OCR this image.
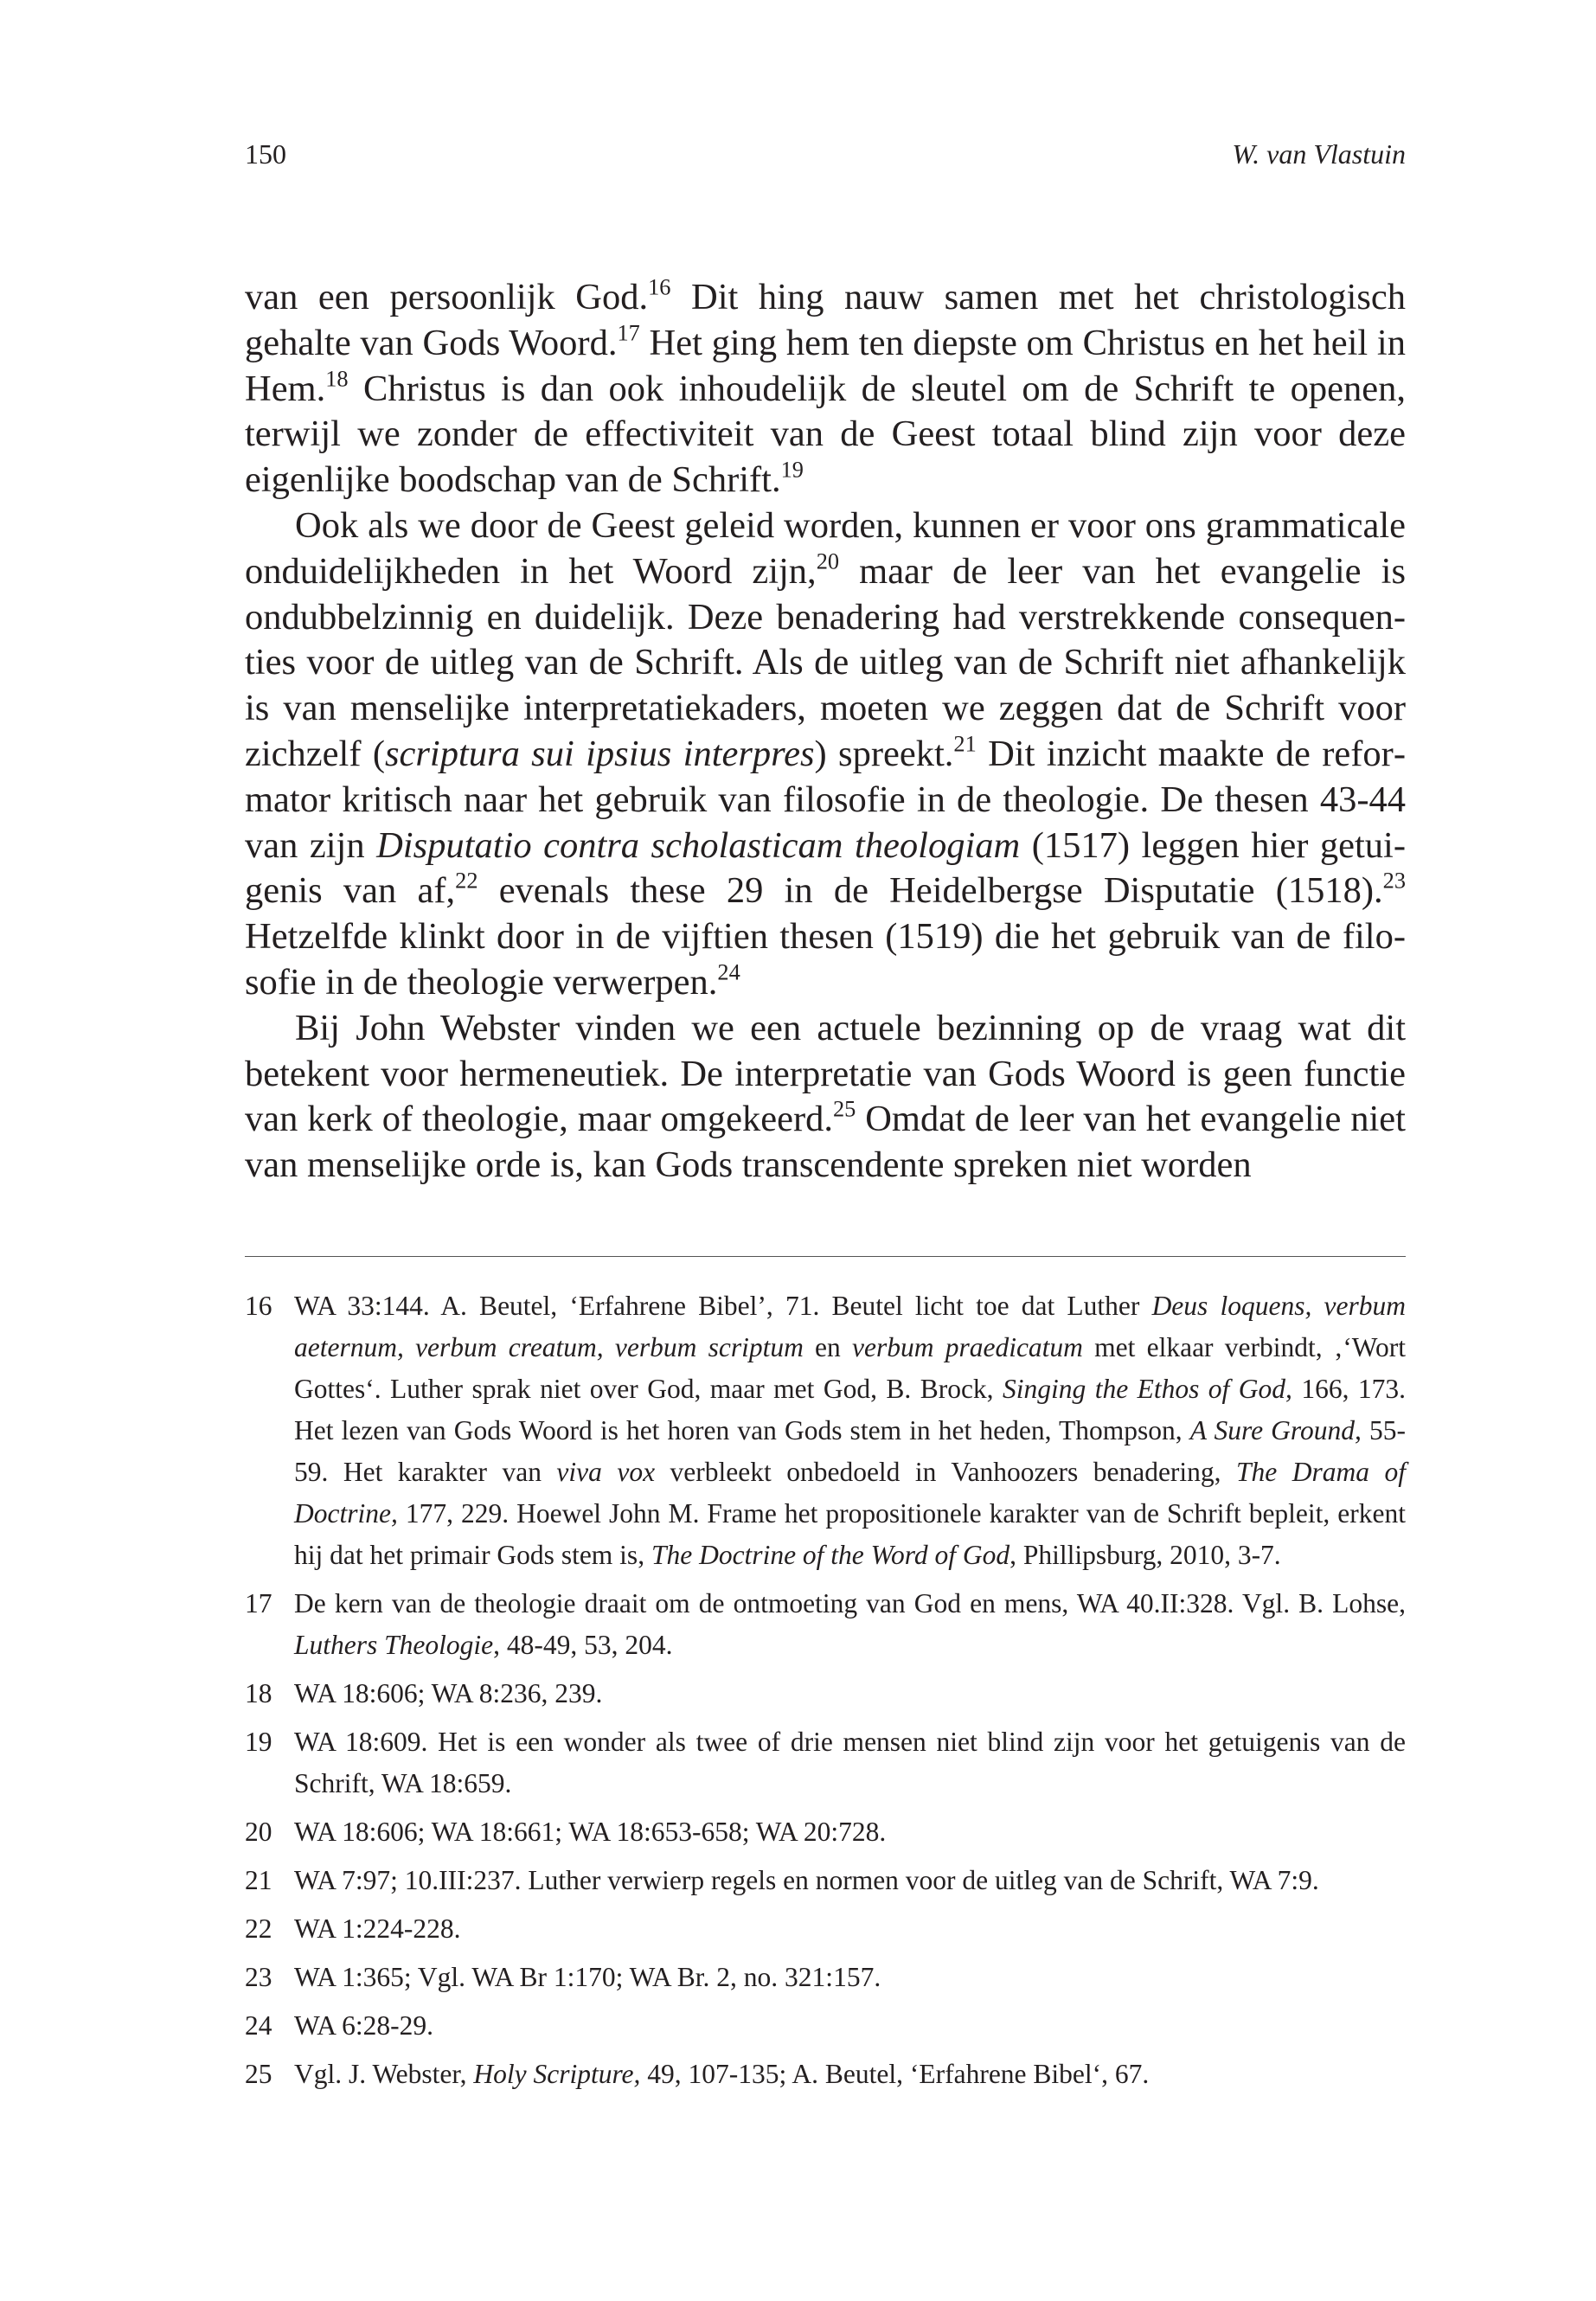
150	W. van Vlastuin

van een persoonlijk God.$^{16}$ Dit hing nauw samen met het christologisch gehalte van Gods Woord.$^{17}$ Het ging hem ten diepste om Christus en het heil in Hem.$^{18}$ Christus is dan ook inhoudelijk de sleutel om de Schrift te openen, terwijl we zonder de effectiviteit van de Geest totaal blind zijn voor deze eigenlijke boodschap van de Schrift.$^{19}$

Ook als we door de Geest geleid worden, kunnen er voor ons grammaticale onduidelijkheden in het Woord zijn,$^{20}$ maar de leer van het evangelie is ondubbelzinnig en duidelijk. Deze benadering had verstrekkende consequenties voor de uitleg van de Schrift. Als de uitleg van de Schrift niet afhankelijk is van menselijke interpretatiekaders, moeten we zeggen dat de Schrift voor zichzelf (scriptura sui ipsius interpres) spreekt.$^{21}$ Dit inzicht maakte de reformator kritisch naar het gebruik van filosofie in de theologie. De thesen 43-44 van zijn Disputatio contra scholasticam theologiam (1517) leggen hier getuigenis van af,$^{22}$ evenals these 29 in de Heidelbergse Disputatie (1518).$^{23}$ Hetzelfde klinkt door in de vijftien thesen (1519) die het gebruik van de filosofie in de theologie verwerpen.$^{24}$

Bij John Webster vinden we een actuele bezinning op de vraag wat dit betekent voor hermeneutiek. De interpretatie van Gods Woord is geen functie van kerk of theologie, maar omgekeerd.$^{25}$ Omdat de leer van het evangelie niet van menselijke orde is, kan Gods transcendente spreken niet worden

16 WA 33:144. A. Beutel, ‘Erfahrene Bibel’, 71. Beutel licht toe dat Luther Deus loquens, verbum aeternum, verbum creatum, verbum scriptum en verbum praedicatum met elkaar verbindt, ‚‘Wort Gottes‘. Luther sprak niet over God, maar met God, B. Brock, Singing the Ethos of God, 166, 173. Het lezen van Gods Woord is het horen van Gods stem in het heden, Thompson, A Sure Ground, 55-59. Het karakter van viva vox verbleekt onbedoeld in Vanhoozers benadering, The Drama of Doctrine, 177, 229. Hoewel John M. Frame het propositionele karakter van de Schrift bepleit, erkent hij dat het primair Gods stem is, The Doctrine of the Word of God, Phillipsburg, 2010, 3-7.
17 De kern van de theologie draait om de ontmoeting van God en mens, WA 40.II:328. Vgl. B. Lohse, Luthers Theologie, 48-49, 53, 204.
18 WA 18:606; WA 8:236, 239.
19 WA 18:609. Het is een wonder als twee of drie mensen niet blind zijn voor het getuigenis van de Schrift, WA 18:659.
20 WA 18:606; WA 18:661; WA 18:653-658; WA 20:728.
21 WA 7:97; 10.III:237. Luther verwierp regels en normen voor de uitleg van de Schrift, WA 7:9.
22 WA 1:224-228.
23 WA 1:365; Vgl. WA Br 1:170; WA Br. 2, no. 321:157.
24 WA 6:28-29.
25 Vgl. J. Webster, Holy Scripture, 49, 107-135; A. Beutel, ‘Erfahrene Bibel‘, 67.
